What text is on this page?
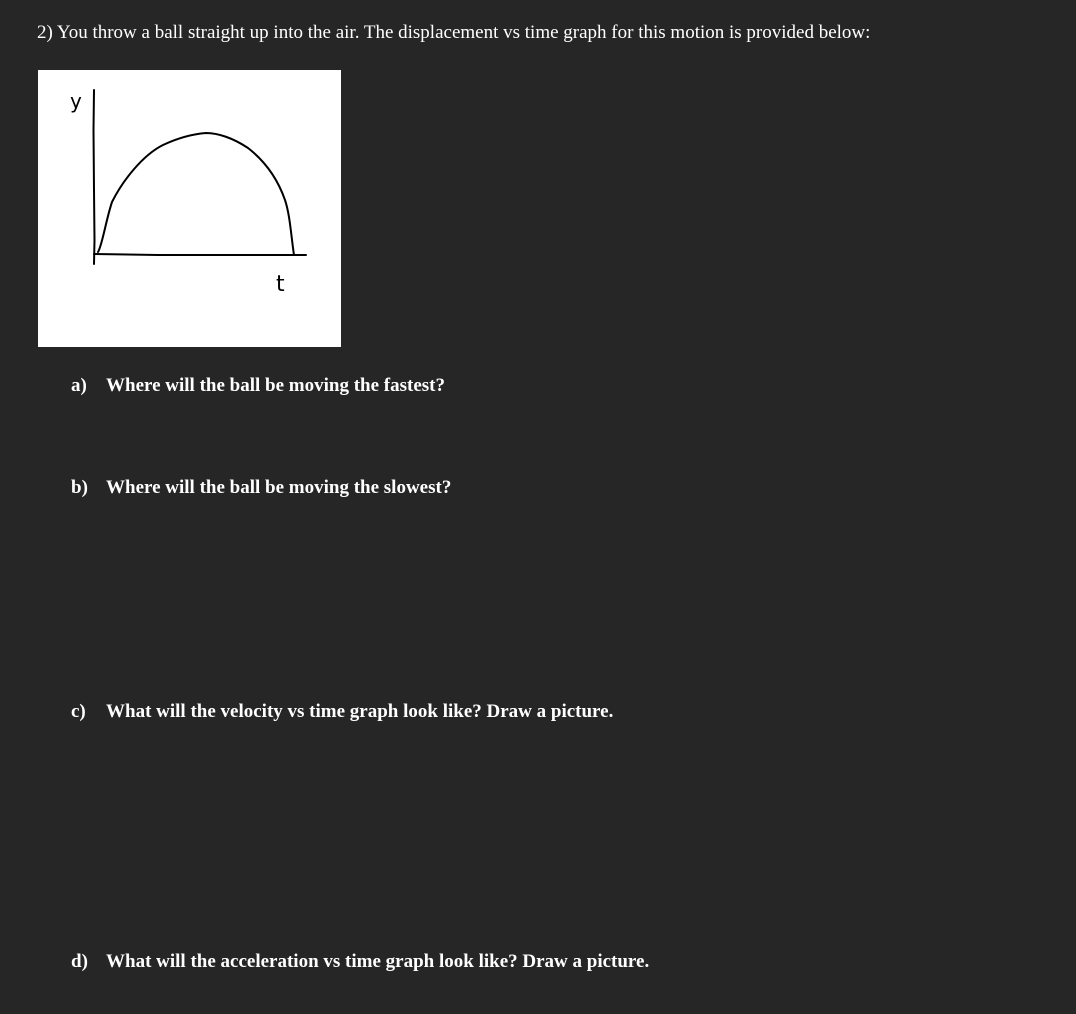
2) You throw a ball straight up into the air. The displacement vs time graph for this motion is provided below:
y
t
a) Where will the ball be moving the fastest?
b) Where will the ball be moving the slowest?
c) What will the velocity vs time graph look like? Draw a picture.
d) What will the acceleration vs time graph look like? Draw a picture.
